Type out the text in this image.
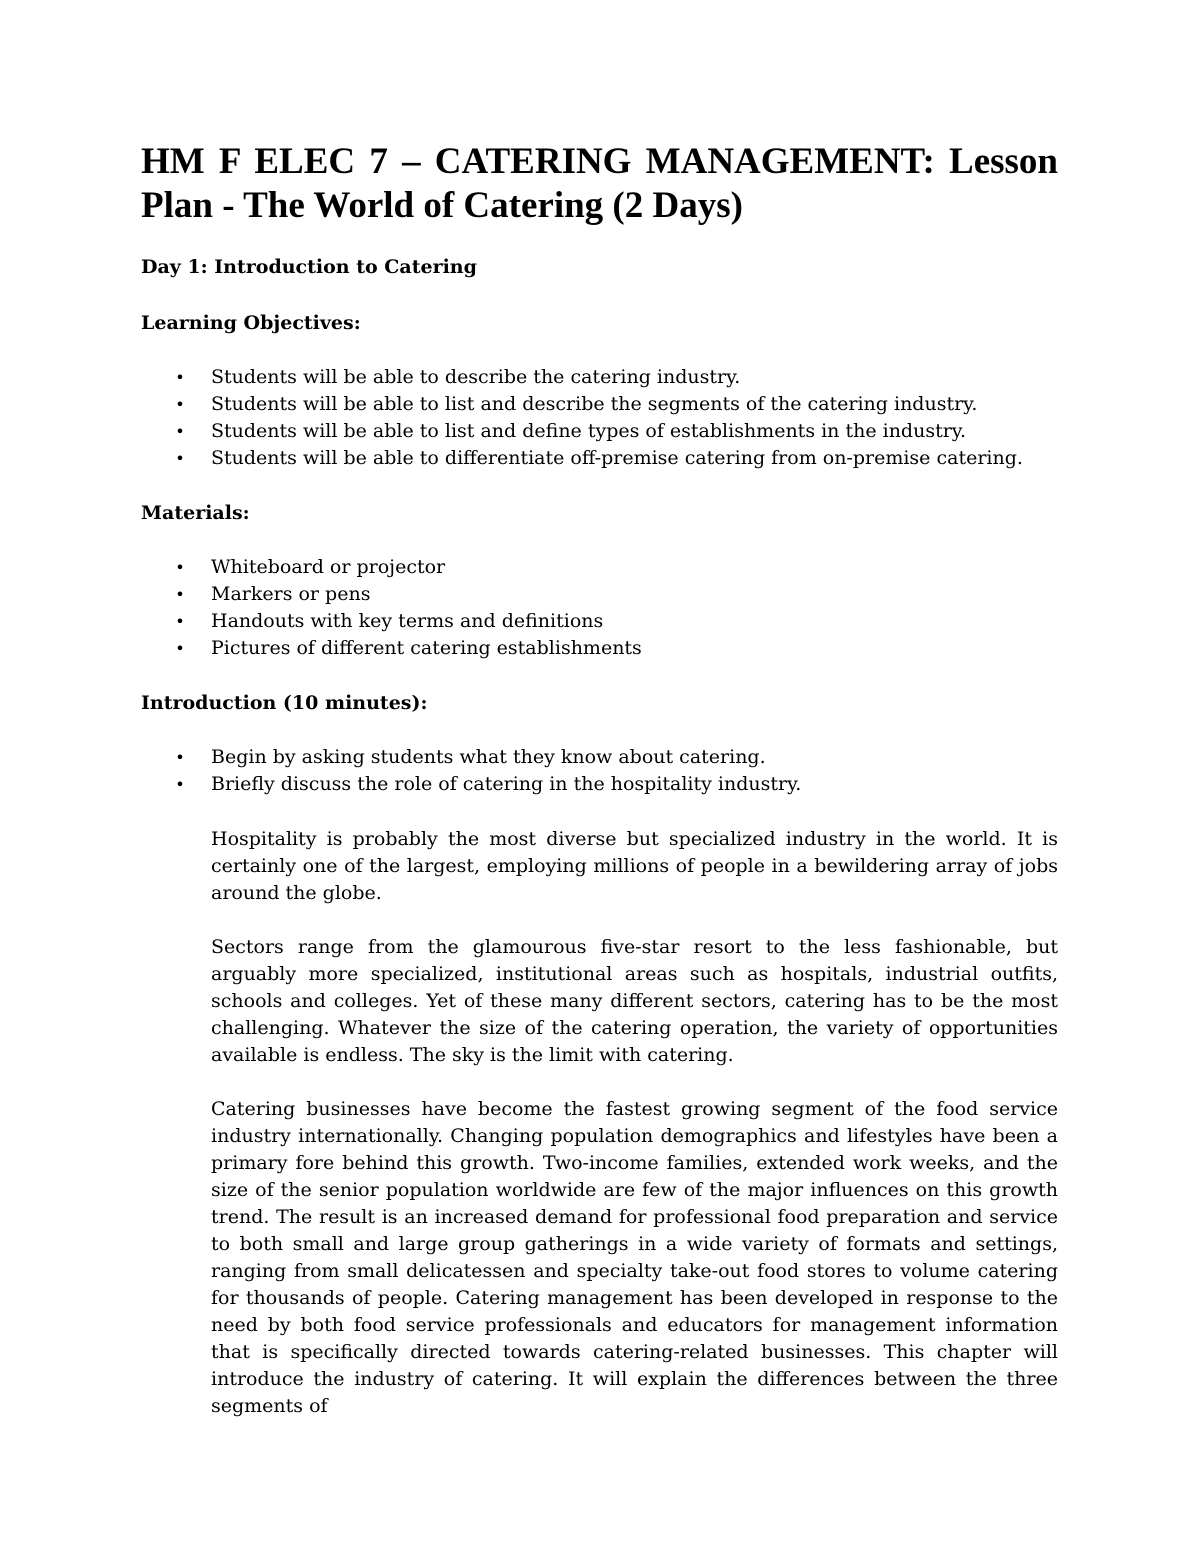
HM F ELEC 7 – CATERING MANAGEMENT: Lesson Plan - The World of Catering (2 Days)
Day 1: Introduction to Catering
Learning Objectives:
• Students will be able to describe the catering industry.
• Students will be able to list and describe the segments of the catering industry.
• Students will be able to list and define types of establishments in the industry.
• Students will be able to differentiate off-premise catering from on-premise catering.
Materials:
• Whiteboard or projector
• Markers or pens
• Handouts with key terms and definitions
• Pictures of different catering establishments
Introduction (10 minutes):
• Begin by asking students what they know about catering.
• Briefly discuss the role of catering in the hospitality industry.

Hospitality is probably the most diverse but specialized industry in the world. It is certainly one of the largest, employing millions of people in a bewildering array of jobs around the globe.

Sectors range from the glamourous five-star resort to the less fashionable, but arguably more specialized, institutional areas such as hospitals, industrial outfits, schools and colleges. Yet of these many different sectors, catering has to be the most challenging. Whatever the size of the catering operation, the variety of opportunities available is endless. The sky is the limit with catering.

Catering businesses have become the fastest growing segment of the food service industry internationally. Changing population demographics and lifestyles have been a primary fore behind this growth. Two-income families, extended work weeks, and the size of the senior population worldwide are few of the major influences on this growth trend. The result is an increased demand for professional food preparation and service to both small and large group gatherings in a wide variety of formats and settings, ranging from small delicatessen and specialty take-out food stores to volume catering for thousands of people. Catering management has been developed in response to the need by both food service professionals and educators for management information that is specifically directed towards catering-related businesses. This chapter will introduce the industry of catering. It will explain the differences between the three segments of
